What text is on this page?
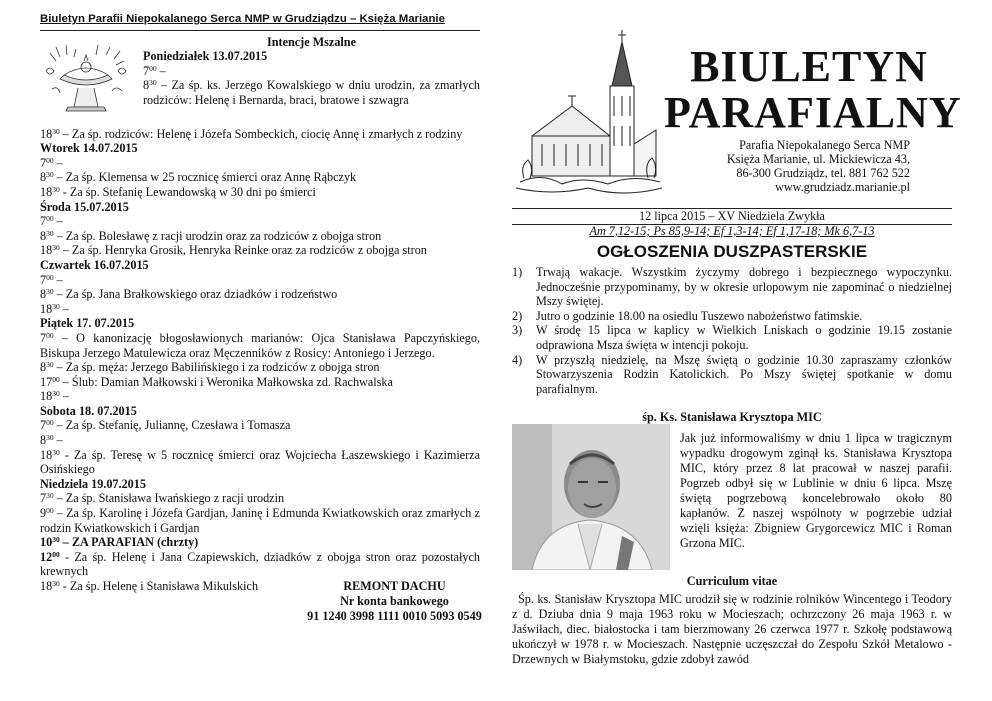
Biuletyn Parafii Niepokalanego Serca NMP w Grudziądzu – Księża Marianie
Intencje Mszalne
Poniedziałek 13.07.2015
$7^{00}$ –
$8^{30}$ – Za śp. ks. Jerzego Kowalskiego w dniu urodzin, za zmarłych rodziców: Helenę i Bernarda, braci, bratowe i szwagra
$18^{30}$ – Za śp. rodziców: Helenę i Józefa Sombeckich, ciocię Annę i zmarłych z rodziny
Wtorek 14.07.2015
$7^{00}$ –
$8^{30}$ – Za śp. Klemensa w 25 rocznicę śmierci oraz Annę Rąbczyk
$18^{30}$ - Za śp. Stefanię Lewandowską w 30 dni po śmierci
Środa 15.07.2015
$7^{00}$ –
$8^{30}$ – Za śp. Bolesławę z racji urodzin oraz za rodziców z obojga stron
$18^{30}$ – Za śp. Henryka Grosik, Henryka Reinke oraz za rodziców z obojga stron
Czwartek 16.07.2015
$7^{00}$ –
$8^{30}$ – Za śp. Jana Brałkowskiego oraz dziadków i rodzeństwo
$18^{30}$ –
Piątek 17. 07.2015
$7^{00}$ – O kanonizację błogosławionych marianów: Ojca Stanisława Papczyńskiego, Biskupa Jerzego Matulewicza oraz Męczenników z Rosicy: Antoniego i Jerzego.
$8^{30}$ – Za śp. męża: Jerzego Babilińskiego i za rodziców z obojga stron
$17^{00}$ – Ślub: Damian Małkowski i Weronika Małkowska zd. Rachwalska
$18^{30}$ –
Sobota 18. 07.2015
$7^{00}$ – Za śp. Stefanię, Juliannę, Czesława i Tomasza
$8^{30}$ –
$18^{30}$ - Za śp. Teresę w 5 rocznicę śmierci oraz Wojciecha Łaszewskiego i Kazimierza Osińskiego
Niedziela 19.07.2015
$7^{30}$ – Za śp. Stanisława Iwańskiego z racji urodzin
$9^{00}$ – Za śp. Karolinę i Józefa Gardjan, Janinę i Edmunda Kwiatkowskich oraz zmarłych z rodzin Kwiatkowskich i Gardjan
$10^{30}$ – ZA PARAFIAN (chrzty)
$12^{00}$ - Za śp. Helenę i Jana Czapiewskich, dziadków z obojga stron oraz pozostałych krewnych
$18^{30}$ - Za śp. Helenę i Stanisława Mikulskich	REMONT DACHU
Nr konta bankowego
91 1240 3998 1111 0010 5093 0549
BIULETYN
PARAFIALNY
Parafia Niepokalanego Serca NMP
Księża Marianie, ul. Mickiewicza 43,
86-300 Grudziądz, tel. 881 762 522
www.grudziadz.marianie.pl
12 lipca 2015 – XV Niedziela Zwykła
Am 7,12-15; Ps 85,9-14; Ef 1,3-14; Ef 1,17-18; Mk 6,7-13
OGŁOSZENIA DUSZPASTERSKIE
1) Trwają wakacje. Wszystkim życzymy dobrego i bezpiecznego wypoczynku. Jednocześnie przypominamy, by w okresie urlopowym nie zapominać o niedzielnej Mszy świętej.
2) Jutro o godzinie 18.00 na osiedlu Tuszewo nabożeństwo fatimskie.
3) W środę 15 lipca w kaplicy w Wielkich Lniskach o godzinie 19.15 zostanie odprawiona Msza święta w intencji pokoju.
4) W przyszłą niedzielę, na Mszę świętą o godzinie 10.30 zapraszamy członków Stowarzyszenia Rodzin Katolickich. Po Mszy świętej spotkanie w domu parafialnym.
śp. Ks. Stanisława Krysztopa MIC
Jak już informowaliśmy w dniu 1 lipca w tragicznym wypadku drogowym zginął ks. Stanisława Krysztopa MIC, który przez 8 lat pracował w naszej parafii. Pogrzeb odbył się w Lublinie w dniu 6 lipca. Mszę świętą pogrzebową koncelebrowało około 80 kapłanów. Z naszej wspólnoty w pogrzebie udział wzięli księża: Zbigniew Grygorcewicz MIC i Roman Grzona MIC.
Curriculum vitae
Śp. ks. Stanisław Krysztopa MIC urodził się w rodzinie rolników Wincentego i Teodory z d. Dziuba dnia 9 maja 1963 roku w Mocieszach; ochrzczony 26 maja 1963 r. w Jaświłach, diec. białostocka i tam bierzmowany 26 czerwca 1977 r. Szkołę podstawową ukończył w 1978 r. w Mocieszach. Następnie uczęszczał do Zespołu Szkół Metalowo - Drzewnych w Białymstoku, gdzie zdobył zawód
